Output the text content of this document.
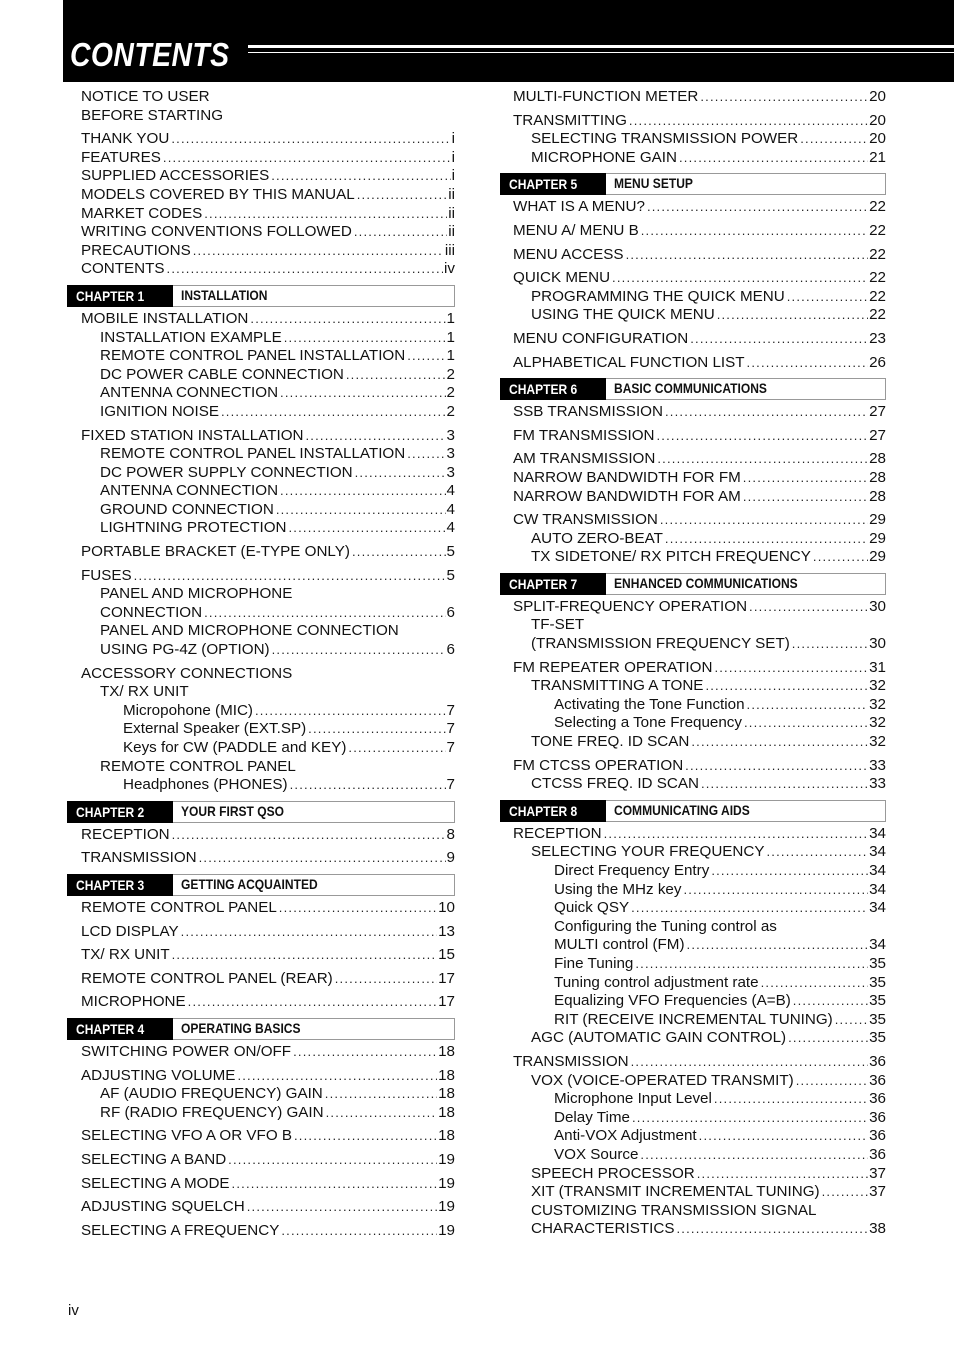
CONTENTS
NOTICE TO USER
BEFORE STARTING
THANK YOU .....	i
FEATURES .....	i
SUPPLIED ACCESSORIES .....	i
MODELS COVERED BY THIS MANUAL .....	ii
MARKET CODES .....	ii
WRITING CONVENTIONS FOLLOWED .....	ii
PRECAUTIONS .....	iii
CONTENTS .....	iv
CHAPTER 1	INSTALLATION
MOBILE INSTALLATION .....	1
INSTALLATION EXAMPLE .....	1
REMOTE CONTROL PANEL INSTALLATION .....	1
DC POWER CABLE CONNECTION .....	2
ANTENNA CONNECTION .....	2
IGNITION NOISE .....	2
FIXED STATION INSTALLATION .....	3
REMOTE CONTROL PANEL INSTALLATION .....	3
DC POWER SUPPLY CONNECTION .....	3
ANTENNA CONNECTION .....	4
GROUND CONNECTION .....	4
LIGHTNING PROTECTION .....	4
PORTABLE BRACKET (E-TYPE ONLY) .....	5
FUSES .....	5
PANEL AND MICROPHONE
CONNECTION .....	6
PANEL AND MICROPHONE CONNECTION
USING PG-4Z (OPTION) .....	6
ACCESSORY CONNECTIONS
TX/ RX UNIT
Micropohone (MIC) .....	7
External Speaker (EXT.SP) .....	7
Keys for CW (PADDLE and KEY) .....	7
REMOTE CONTROL PANEL
Headphones (PHONES) .....	7
CHAPTER 2	YOUR FIRST QSO
RECEPTION .....	8
TRANSMISSION .....	9
CHAPTER 3	GETTING ACQUAINTED
REMOTE CONTROL PANEL .....	10
LCD DISPLAY .....	13
TX/ RX UNIT .....	15
REMOTE CONTROL PANEL (REAR) .....	17
MICROPHONE .....	17
CHAPTER 4	OPERATING BASICS
SWITCHING POWER ON/OFF .....	18
ADJUSTING VOLUME .....	18
AF (AUDIO FREQUENCY) GAIN .....	18
RF (RADIO FREQUENCY) GAIN .....	18
SELECTING VFO A OR VFO B .....	18
SELECTING A BAND .....	19
SELECTING A MODE .....	19
ADJUSTING SQUELCH .....	19
SELECTING A FREQUENCY .....	19
MULTI-FUNCTION METER .....	20
TRANSMITTING .....	20
SELECTING TRANSMISSION POWER .....	20
MICROPHONE GAIN .....	21
CHAPTER 5	MENU SETUP
WHAT IS A MENU? .....	22
MENU A/ MENU B .....	22
MENU ACCESS .....	22
QUICK MENU .....	22
PROGRAMMING THE QUICK MENU .....	22
USING THE QUICK MENU .....	22
MENU CONFIGURATION .....	23
ALPHABETICAL FUNCTION LIST .....	26
CHAPTER 6	BASIC COMMUNICATIONS
SSB TRANSMISSION .....	27
FM TRANSMISSION .....	27
AM TRANSMISSION .....	28
NARROW BANDWIDTH FOR FM .....	28
NARROW BANDWIDTH FOR AM .....	28
CW TRANSMISSION .....	29
AUTO ZERO-BEAT .....	29
TX SIDETONE/ RX PITCH FREQUENCY .....	29
CHAPTER 7	ENHANCED COMMUNICATIONS
SPLIT-FREQUENCY OPERATION .....	30
TF-SET
(TRANSMISSION FREQUENCY SET) .....	30
FM REPEATER OPERATION .....	31
TRANSMITTING A TONE .....	32
Activating the Tone Function .....	32
Selecting a Tone Frequency .....	32
TONE FREQ. ID SCAN .....	32
FM CTCSS OPERATION .....	33
CTCSS FREQ. ID SCAN .....	33
CHAPTER 8	COMMUNICATING AIDS
RECEPTION .....	34
SELECTING YOUR FREQUENCY .....	34
Direct Frequency Entry .....	34
Using the MHz key .....	34
Quick QSY .....	34
Configuring the Tuning control as
MULTI control (FM) .....	34
Fine Tuning .....	35
Tuning control adjustment rate .....	35
Equalizing VFO Frequencies (A=B) .....	35
RIT (RECEIVE INCREMENTAL TUNING) ..... 35
AGC (AUTOMATIC GAIN CONTROL) .....	35
TRANSMISSION .....	36
VOX (VOICE-OPERATED TRANSMIT) .....	36
Microphone Input Level .....	36
Delay Time .....	36
Anti-VOX Adjustment .....	36
VOX Source .....	36
SPEECH PROCESSOR .....	37
XIT (TRANSMIT INCREMENTAL TUNING) .....	37
CUSTOMIZING TRANSMISSION SIGNAL
CHARACTERISTICS .....	38
iv
